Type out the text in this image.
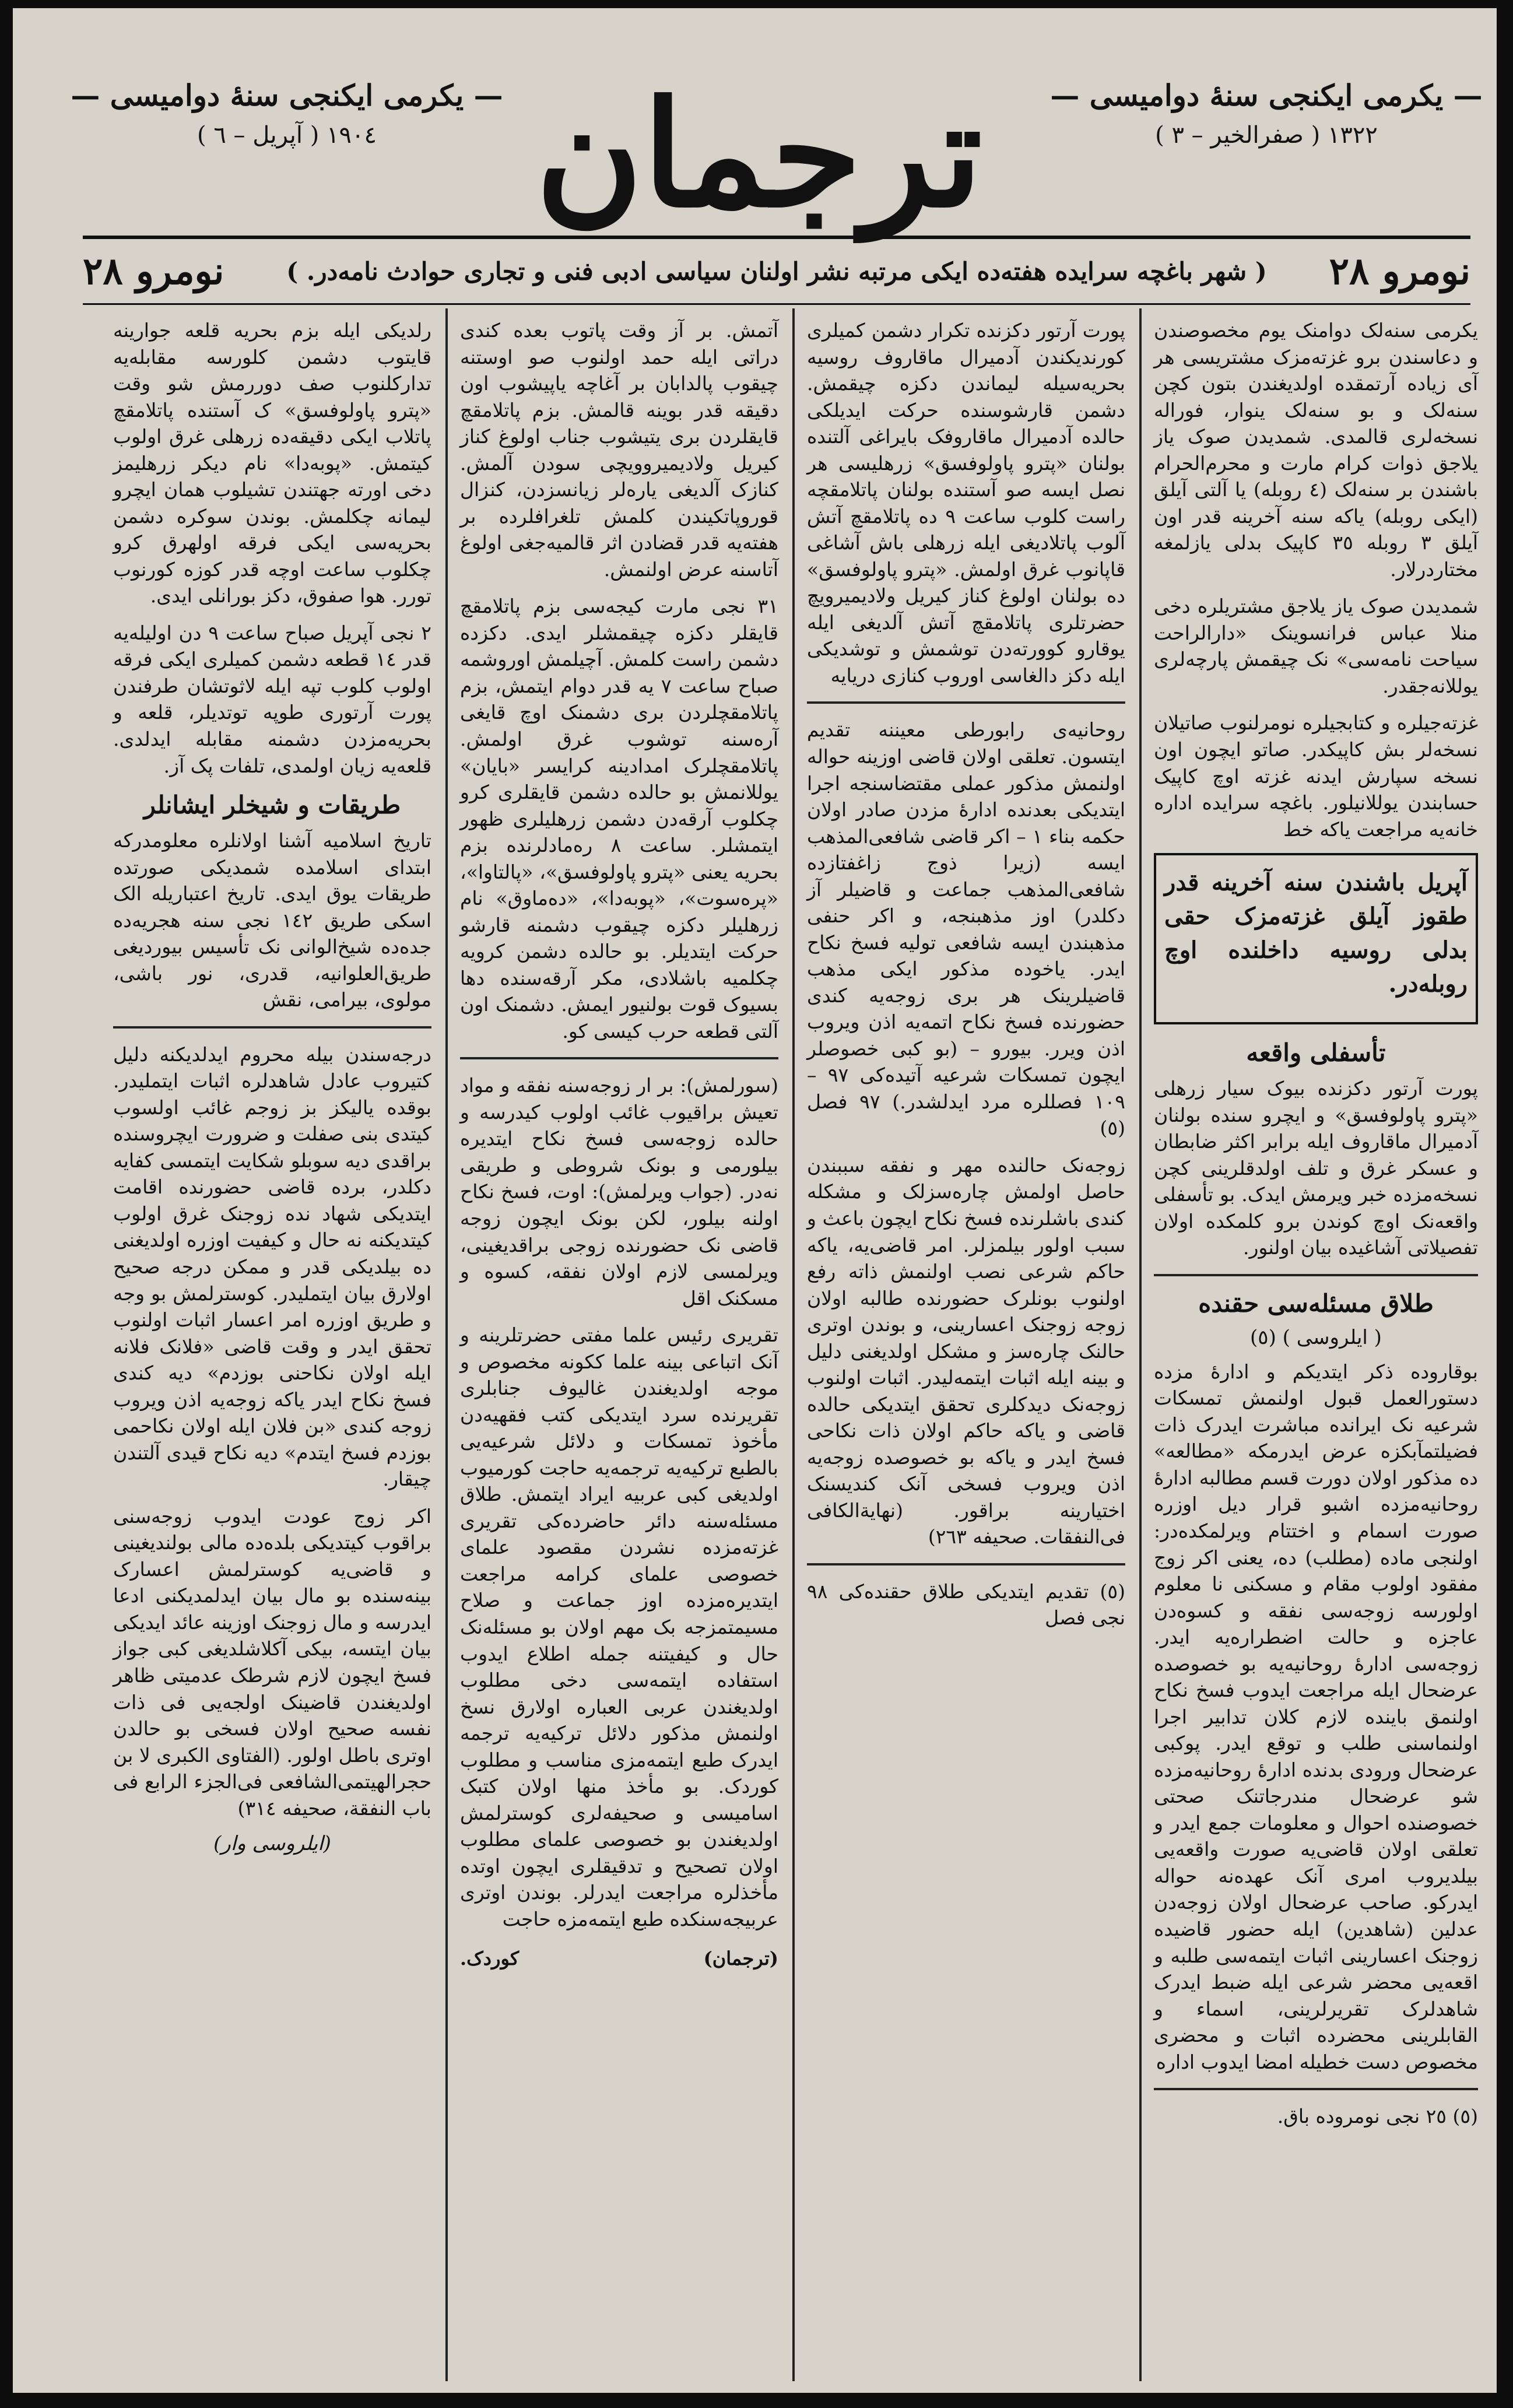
— یکرمی ایکنجی سنهٔ دوامیسی —
١٩٠٤ ( آپریل – ٦ ) ترجمان — یکرمی ایکنجی سنهٔ دوامیسی —
١٣٢٢ ( صفرالخیر – ٣ )
نومرو ٢٨
( شهر باغچه سرایده هفته‌ده ایکی مرتبه نشر اولنان سیاسی ادبی فنی و تجاری حوادث نامه‌در. )
نومرو ٢٨

یکرمی سنه‌لک دوامنک یوم مخصوصندن و دعاسندن برو غزته‌مزک مشتریسی هر آی زیاده آرتمقده اولدیغندن بتون کچن سنه‌لک و بو سنه‌لک ینوار، فوراله نسخه‌لری قالمدی. شمدیدن صوک یاز یلاجق ذوات کرام مارت و محرم‌الحرام باشندن بر سنه‌لک (٤ روبله) یا آلتی آیلق (ایکی روبله) یاکه سنه آخرینه قدر اون آیلق ٣ روبله ٣٥ کاپیک بدلی یازلمغه مختاردرلار.

شمدیدن صوک یاز یلاجق مشتریلره دخی منلا عباس فرانسوینک «دارالراحت سیاحت نامه‌سی» نک چیقمش پارچه‌لری یوللانه‌جقدر.

غزته‌جیلره و کتابجیلره نومرلنوب صاتیلان نسخه‌لر بش کاپیکدر. صاتو ایچون اون نسخه سپارش ایدنه غزته اوچ کاپیک حسابندن یوللانیلور. باغچه سرایده اداره خانه‌یه مراجعت یاکه خط

آپریل باشندن سنه آخرینه قدر طقوز آیلق غزته‌مزک حقی بدلی روسیه داخلنده اوچ روبله‌در.

تأسفلی واقعه

پورت آرتور دکزنده بیوک سیار زرهلی «پترو پاولوفسق» و ایچرو سنده بولنان آدمیرال ماقاروف ایله برابر اکثر ضابطان و عسکر غرق و تلف اولدقلرینی کچن نسخه‌مزده خبر ویرمش ایدک. بو تأسفلی واقعه‌نک اوچ کوندن برو کلمکده اولان تفصیلاتی آشاغیده بیان اولنور.

طلاق مسئله‌سی حقنده
( ایلروسی ) (٥)

بوقاروده ذکر ایتدیکم و ادارهٔ مزده دستورالعمل قبول اولنمش تمسکات شرعیه نک ایرانده مباشرت ایدرک ذات فضیلتمآبکزه عرض ایدرمکه «مطالعه» ده مذکور اولان دورت قسم مطالبه ادارهٔ روحانیه‌مزده اشبو قرار دیل اوزره صورت اسمام و اختتام ویرلمکده‌در: اولنجی ماده (مطلب) ده، یعنی اکر زوج مفقود اولوب مقام و مسکنی نا معلوم اولورسه زوجه‌سی نفقه و کسوه‌دن عاجزه و حالت اضطراره‌یه ایدر. زوجه‌سی ادارهٔ روحانیه‌یه بو خصوصده عرضحال ایله مراجعت ایدوب فسخ نکاح اولنمق باینده لازم کلان تدابیر اجرا اولنماسنی طلب و توقع ایدر. پوکبی عرضحال ورودی بدنده ادارهٔ روحانیه‌مزده شو عرضحال مندرجاتنک صحتی خصوصنده احوال و معلومات جمع ایدر و تعلقی اولان قاضی‌یه صورت واقعه‌یی بیلدیروب امری آنک عهده‌نه حواله ایدرکو. صاحب عرضحال اولان زوجه‌دن عدلین (شاهدین) ایله حضور قاضیده زوجنک اعسارینی اثبات ایتمه‌سی طلبه و اقعه‌یی محضر شرعی ایله ضبط ایدرک شاهدلرک تقریرلرینی، اسماء و القابلرینی محضرده اثبات و محضری مخصوص دست خطیله امضا ایدوب اداره

(٥) ٢٥ نجی نومروده باق.

پورت آرتور دکزنده تکرار دشمن کمیلری کورندیکندن آدمیرال ماقاروف روسیه بحریه‌سیله لیماندن دکزه چیقمش. دشمن قارشوسنده حرکت ایدیلکی حالده آدمیرال ماقاروفک بایراغی آلتنده بولنان «پترو پاولوفسق» زرهلیسی هر نصل ایسه صو آستنده بولنان پاتلامقچه راست کلوب ساعت ٩ ده پاتلامقچ آتش آلوب پاتلادیغی ایله زرهلی باش آشاغی قاپانوب غرق اولمش. «پترو پاولوفسق» ده بولنان اولوغ کناز کیریل ولادیمیرویچ حضرتلری پاتلامقچ آتش آلدیغی ایله یوقارو کوورته‌دن توشمش و توشدیکی ایله دکز دالغاسی اوروب کنازی دریایه

روحانیه‌ی رابورطی معیننه تقدیم ایتسون. تعلقی اولان قاضی اوزینه حواله اولنمش مذکور عملی مقتضاسنجه اجرا ایتدیکی بعدنده ادارهٔ مزدن صادر اولان حکمه بناء ١ – اکر قاضی شافعی‌المذهب ایسه (زیرا ذوج زاغفتازده شافعی‌المذهب جماعت و قاضیلر آز دکلدر) اوز مذهبنجه، و اکر حنفی مذهبندن ایسه شافعی تولیه فسخ نکاح ایدر. یاخوده مذکور ایکی مذهب قاضیلرینک هر بری زوجه‌یه کندی حضورنده فسخ نکاح اتمه‌یه اذن ویروب اذن ویرر. بیورو – (بو کبی خصوصلر ایچون تمسکات شرعیه آتیده‌کی ٩٧ – ١٠٩ فصللره مرد ایدلشدر.) ٩٧ فصل (٥)

زوجه‌نک حالنده مهر و نفقه سببندن حاصل اولمش چاره‌سزلک و مشکله کندی باشلرنده فسخ نکاح ایچون باعث و سبب اولور بیلمزلر. امر قاضی‌یه، یاکه حاکم شرعی نصب اولنمش ذاته رفع اولنوب بونلرک حضورنده طالبه اولان زوجه زوجنک اعسارینی، و بوندن اوتری حالنک چاره‌سز و مشکل اولدیغنی دلیل و بینه ایله اثبات ایتمه‌لیدر. اثبات اولنوب زوجه‌نک دیدکلری تحقق ایتدیکی حالده قاضی و یاکه حاکم اولان ذات نکاحی فسخ ایدر و یاکه بو خصوصده زوجه‌یه اذن ویروب فسخی آنک کندیسنک اختیارینه براقور. (نهایةالکافی فی‌النفقات. صحیفه ٢٦٣)

(٥) تقدیم ایتدیکی طلاق حقنده‌کی ٩٨ نجی فصل

آتمش. بر آز وقت پاتوب بعده کندی دراتی ایله حمد اولنوب صو اوستنه چیقوب پالدابان بر آغاچه یاپیشوب اون دقیقه قدر بوینه قالمش. بزم پاتلامقچ قایقلردن بری یتیشوب جناب اولوغ کناز کیریل ولادیمیروویچی سودن آلمش. کنازک آلدیغی یاره‌لر زیانسزدن، کنزال قوروپاتکیندن کلمش تلغرافلرده بر هفته‌یه قدر قضادن اثر قالمیه‌جغی اولوغ آتاسنه عرض اولنمش.

٣١ نجی مارت کیجه‌سی بزم پاتلامقچ قایقلر دکزه چیقمشلر ایدی. دکزده دشمن راست کلمش. آچیلمش اوروشمه صباح ساعت ٧ یه قدر دوام ایتمش، بزم پاتلامقچلردن بری دشمنک اوچ قایغی آره‌سنه توشوب غرق اولمش. پاتلامقچلرک امدادینه کرایسر «بایان» یوللانمش بو حالده دشمن قایقلری کرو چکلوب آرقه‌دن دشمن زرهلیلری ظهور ایتمشلر. ساعت ٨ ره‌مادلرنده بزم بحریه یعنی «پترو پاولوفسق»، «پالتاوا»، «پره‌سوت»، «پوبه‌دا»، «ده‌ماوق» نام زرهلیلر دکزه چیقوب دشمنه قارشو حرکت ایتدیلر. بو حالده دشمن کرویه چکلمیه باشلادی، مکر آرقه‌سنده دها بسیوک قوت بولنیور ایمش. دشمنک اون آلتی قطعه حرب کیسی کو.

(سورلمش): بر ار زوجه‌سنه نفقه و مواد تعیش براقیوب غائب اولوب کیدرسه و حالده زوجه‌سی فسخ نکاح ایتدیره بیلورمی و بونک شروطی و طریقی نه‌در. (جواب ویرلمش): اوت، فسخ نکاح اولنه بیلور، لکن بونک ایچون زوجه قاضی نک حضورنده زوجی براقدیغینی، ویرلمسی لازم اولان نفقه، کسوه و مسکنک اقل

تقریری رئیس علما مفتی حضرتلرینه و آنک اتباعی بینه علما ککونه مخصوص و موجه اولدیغندن غالیوف جنابلری تقریرنده سرد ایتدیکی کتب فقهیه‌دن مأخوذ تمسکات و دلائل شرعیه‌یی بالطبع ترکیه‌یه ترجمه‌یه حاجت کورمیوب اولدیغی کبی عربیه ایراد ایتمش. طلاق مسئله‌سنه دائر حاضرده‌کی تقریری غزته‌مزده نشردن مقصود علمای خصوصی علمای کرامه مراجعت ایتدیره‌مزده اوز جماعت و صلاح مسیمتمزجه بک مهم اولان بو مسئله‌نک حال و کیفیتنه جمله اطلاع ایدوب استفاده ایتمه‌سی دخی مطلوب اولدیغندن عربی العباره اولارق نسخ اولنمش مذکور دلائل ترکیه‌یه ترجمه ایدرک طبع ایتمه‌مزی مناسب و مطلوب کوردک. بو مأخذ منها اولان کتبک اسامیسی و صحیفه‌لری کوسترلمش اولدیغندن بو خصوصی علمای مطلوب اولان تصحیح و تدقیقلری ایچون اوتده مأخذلره مراجعت ایدرلر. بوندن اوتری عربیجه‌سنکده طبع ایتمه‌مزه حاجت

(ترجمان)
کوردک.

رلدیکی ایله بزم بحریه قلعه جوارینه قایتوب دشمن کلورسه مقابله‌یه تدارکلنوب صف دوررمش شو وقت «پترو پاولوفسق» ک آستنده پاتلامقچ پاتلاب ایکی دقیقه‌ده زرهلی غرق اولوب کیتمش. «پوبه‌دا» نام دیکر زرهلیمز دخی اورته جهتندن تشیلوب همان ایچرو لیمانه چکلمش. بوندن سوکره دشمن بحریه‌سی ایکی فرقه اولهرق کرو چکلوب ساعت اوچه قدر کوزه کورنوب تورر. هوا صفوق، دکز بورانلی ایدی.

٢ نجی آپریل صباح ساعت ٩ دن اولیله‌یه قدر ١٤ قطعه دشمن کمیلری ایکی فرقه اولوب کلوب تپه ایله لاثوتشان طرفندن پورت آرتوری طوپه توتدیلر، قلعه و بحریه‌مزدن دشمنه مقابله ایدلدی. قلعه‌یه زیان اولمدی، تلفات پک آز.

طریقات و شیخلر ایشانلر

تاریخ اسلامیه آشنا اولانلره معلومدرکه ابتدای اسلامده شمدیکی صورتده طریقات یوق ایدی. تاریخ اعتباریله الک اسکی طریق ١٤٢ نجی سنه هجریه‌ده جده‌ده شیخ‌الوانی نک تأسیس بیوردیغی طریق‌العلوانیه، قدری، نور باشی، مولوی، بیرامی، نقش

درجه‌سندن بیله محروم ایدلدیکنه دلیل کتیروب عادل شاهدلره اثبات ایتملیدر. بوقده یالیکز بز زوجم غائب اولسوب کیتدی بنی صفلت و ضرورت ایچروسنده براقدی دیه سوبلو شکایت ایتمسی کفایه دکلدر، برده قاضی حضورنده اقامت ایتدیکی شهاد نده زوجنک غرق اولوب کیتدیکنه نه حال و کیفیت اوزره اولدیغنی ده بیلدیکی قدر و ممکن درجه صحیح اولارق بیان ایتملیدر. کوسترلمش بو وجه و طریق اوزره امر اعسار اثبات اولنوب تحقق ایدر و وقت قاضی «فلانک فلانه ایله اولان نکاحنی بوزدم» دیه کندی فسخ نکاح ایدر یاکه زوجه‌یه اذن ویروب زوجه کندی «بن فلان ایله اولان نکاحمی بوزدم فسخ ایتدم» دیه نکاح قیدی آلتندن چیقار.

اکر زوج عودت ایدوب زوجه‌سنی براقوب کیتدیکی بلده‌ده مالی بولندیغینی و قاضی‌یه کوسترلمش اعسارک بینه‌سنده بو مال بیان ایدلمدیکنی ادعا ایدرسه و مال زوجنک اوزینه عائد ایدیکی بیان ایتسه، بیکی آکلاشلدیغی کبی جواز فسخ ایچون لازم شرطک عدمیتی ظاهر اولدیغندن قاضینک اولجه‌یی فی ذات نفسه صحیح اولان فسخی بو حالدن اوتری باطل اولور. (الفتاوی الکبری لا بن حجرالهیتمی‌الشافعی فی‌الجزء الرابع فی باب النفقة، صحیفه ٣١٤)

(ایلروسی وار)
